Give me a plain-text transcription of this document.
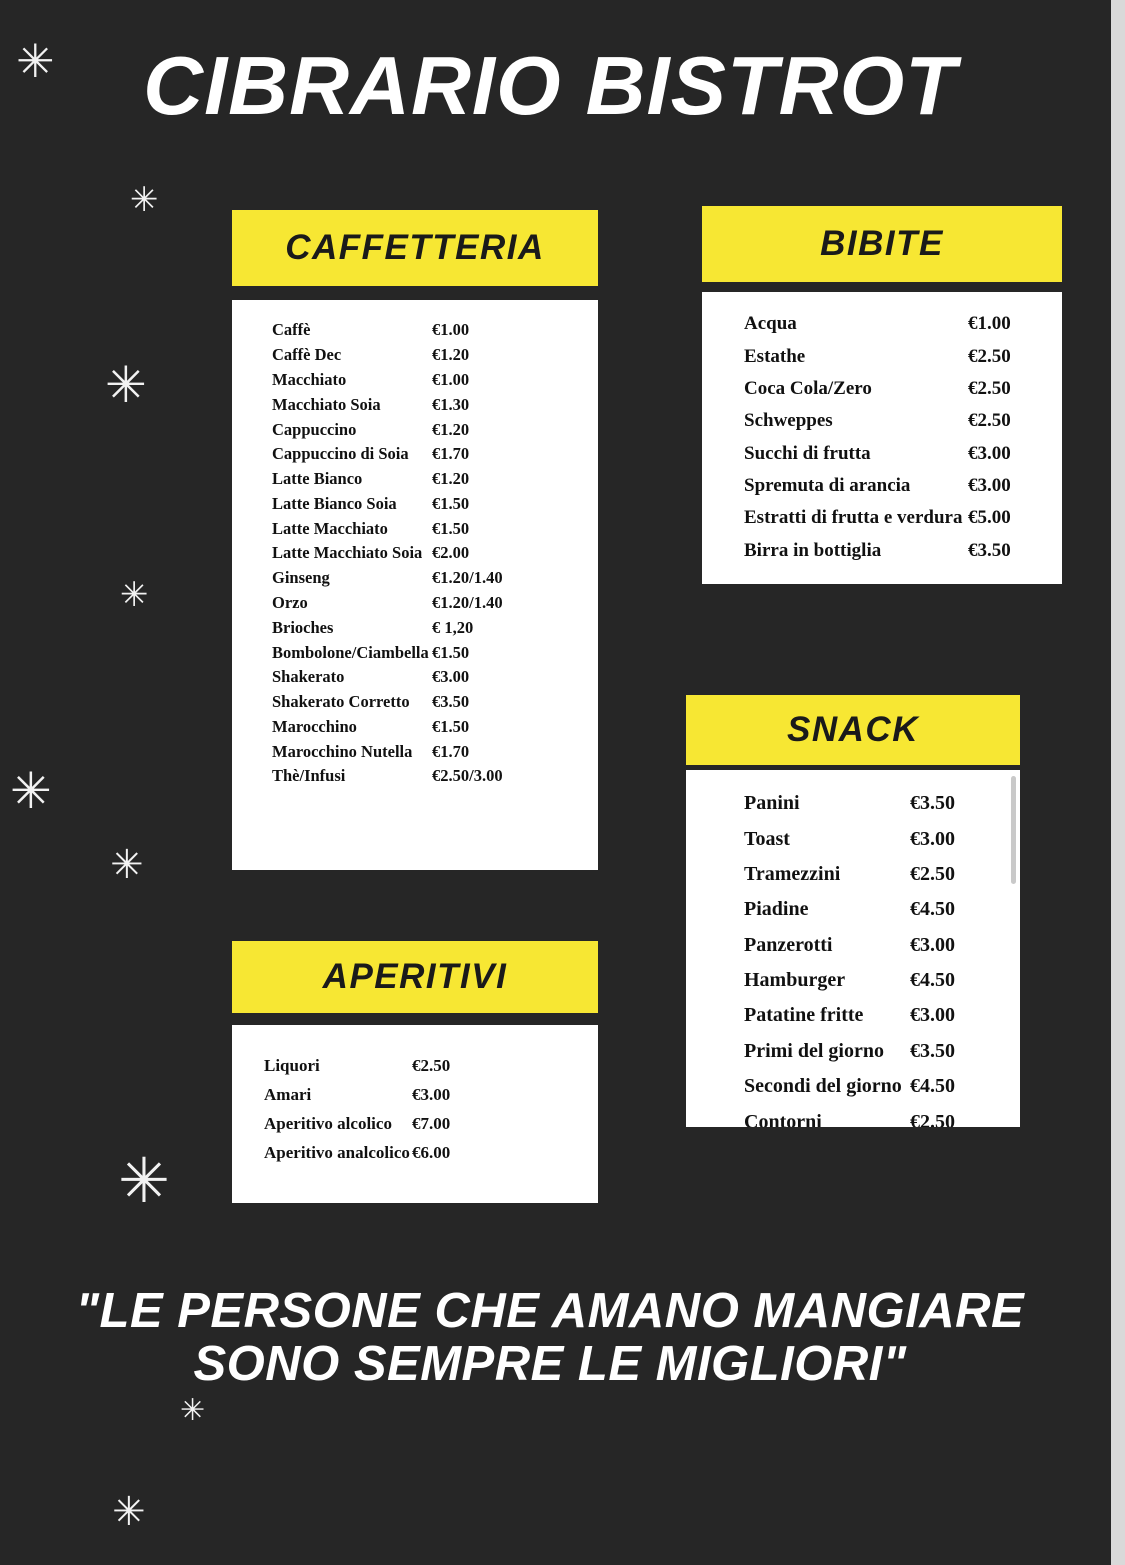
✳
✳
✳
✳
✳
✳
✳
✳
✳
CIBRARIO BISTROT
CAFFETTERIA
Caffè	€1.00
Caffè Dec	€1.20
Macchiato	€1.00
Macchiato Soia	€1.30
Cappuccino	€1.20
Cappuccino di Soia	€1.70
Latte Bianco	€1.20
Latte Bianco Soia	€1.50
Latte Macchiato	€1.50
Latte Macchiato Soia €2.00
Ginseng	€1.20/1.40
Orzo	€1.20/1.40
Brioches	€ 1,20
Bombolone/Ciambella €1.50
Shakerato	€3.00
Shakerato Corretto	€3.50
Marocchino	€1.50
Marocchino Nutella	€1.70
Thè/Infusi	€2.50/3.00
APERITIVI
Liquori	€2.50
Amari	€3.00
Aperitivo alcolico	€7.00
Aperitivo analcolico €6.00
BIBITE
Acqua	€1.00
Estathe	€2.50
Coca Cola/Zero	€2.50
Schweppes	€2.50
Succhi di frutta	€3.00
Spremuta di arancia	€3.00
Estratti di frutta e verdura €5.00
Birra in bottiglia	€3.50
SNACK
Panini	€3.50
Toast	€3.00
Tramezzini	€2.50
Piadine	€4.50
Panzerotti	€3.00
Hamburger	€4.50
Patatine fritte	€3.00
Primi del giorno	€3.50
Secondi del giorno €4.50
Contorni	€2.50
"LE PERSONE CHE AMANO MANGIARE
SONO SEMPRE LE MIGLIORI"
